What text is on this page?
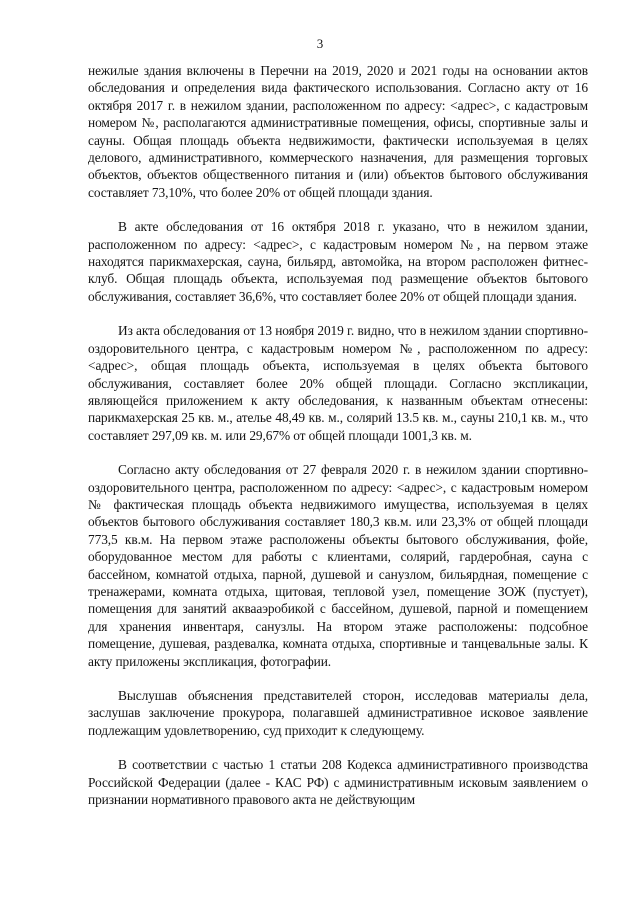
3

нежилые здания включены в Перечни на 2019, 2020 и 2021 годы на основании актов обследования и определения вида фактического использования. Согласно акту от 16 октября 2017 г. в нежилом здании, расположенном по адресу: <адрес>, с кадастровым номером №, располагаются административные помещения, офисы, спортивные залы и сауны. Общая площадь объекта недвижимости, фактически используемая в целях делового, административного, коммерческого назначения, для размещения торговых объектов, объектов общественного питания и (или) объектов бытового обслуживания составляет 73,10%, что более 20% от общей площади здания.

В акте обследования от 16 октября 2018 г. указано, что в нежилом здании, расположенном по адресу: <адрес>, с кадастровым номером №, на первом этаже находятся парикмахерская, сауна, бильярд, автомойка, на втором расположен фитнес-клуб. Общая площадь объекта, используемая под размещение объектов бытового обслуживания, составляет 36,6%, что составляет более 20% от общей площади здания.

Из акта обследования от 13 ноября 2019 г. видно, что в нежилом здании спортивно-оздоровительного центра, с кадастровым номером №, расположенном по адресу: <адрес>, общая площадь объекта, используемая в целях объекта бытового обслуживания, составляет более 20% общей площади. Согласно экспликации, являющейся приложением к акту обследования, к названным объектам отнесены: парикмахерская 25 кв. м., ателье 48,49 кв. м., солярий 13.5 кв. м., сауны 210,1 кв. м., что составляет 297,09 кв. м. или 29,67% от общей площади 1001,3 кв. м.

Согласно акту обследования от 27 февраля 2020 г. в нежилом здании спортивно-оздоровительного центра, расположенном по адресу: <адрес>, с кадастровым номером № фактическая площадь объекта недвижимого имущества, используемая в целях объектов бытового обслуживания составляет 180,3 кв.м. или 23,3% от общей площади 773,5 кв.м. На первом этаже расположены объекты бытового обслуживания, фойе, оборудованное местом для работы с клиентами, солярий, гардеробная, сауна с бассейном, комнатой отдыха, парной, душевой и санузлом, бильярдная, помещение с тренажерами, комната отдыха, щитовая, тепловой узел, помещение ЗОЖ (пустует), помещения для занятий аквааэробикой с бассейном, душевой, парной и помещением для хранения инвентаря, санузлы. На втором этаже расположены: подсобное помещение, душевая, раздевалка, комната отдыха, спортивные и танцевальные залы. К акту приложены экспликация, фотографии.

Выслушав объяснения представителей сторон, исследовав материалы дела, заслушав заключение прокурора, полагавшей административное исковое заявление подлежащим удовлетворению, суд приходит к следующему.

В соответствии с частью 1 статьи 208 Кодекса административного производства Российской Федерации (далее - КАС РФ) с административным исковым заявлением о признании нормативного правового акта не действующим
